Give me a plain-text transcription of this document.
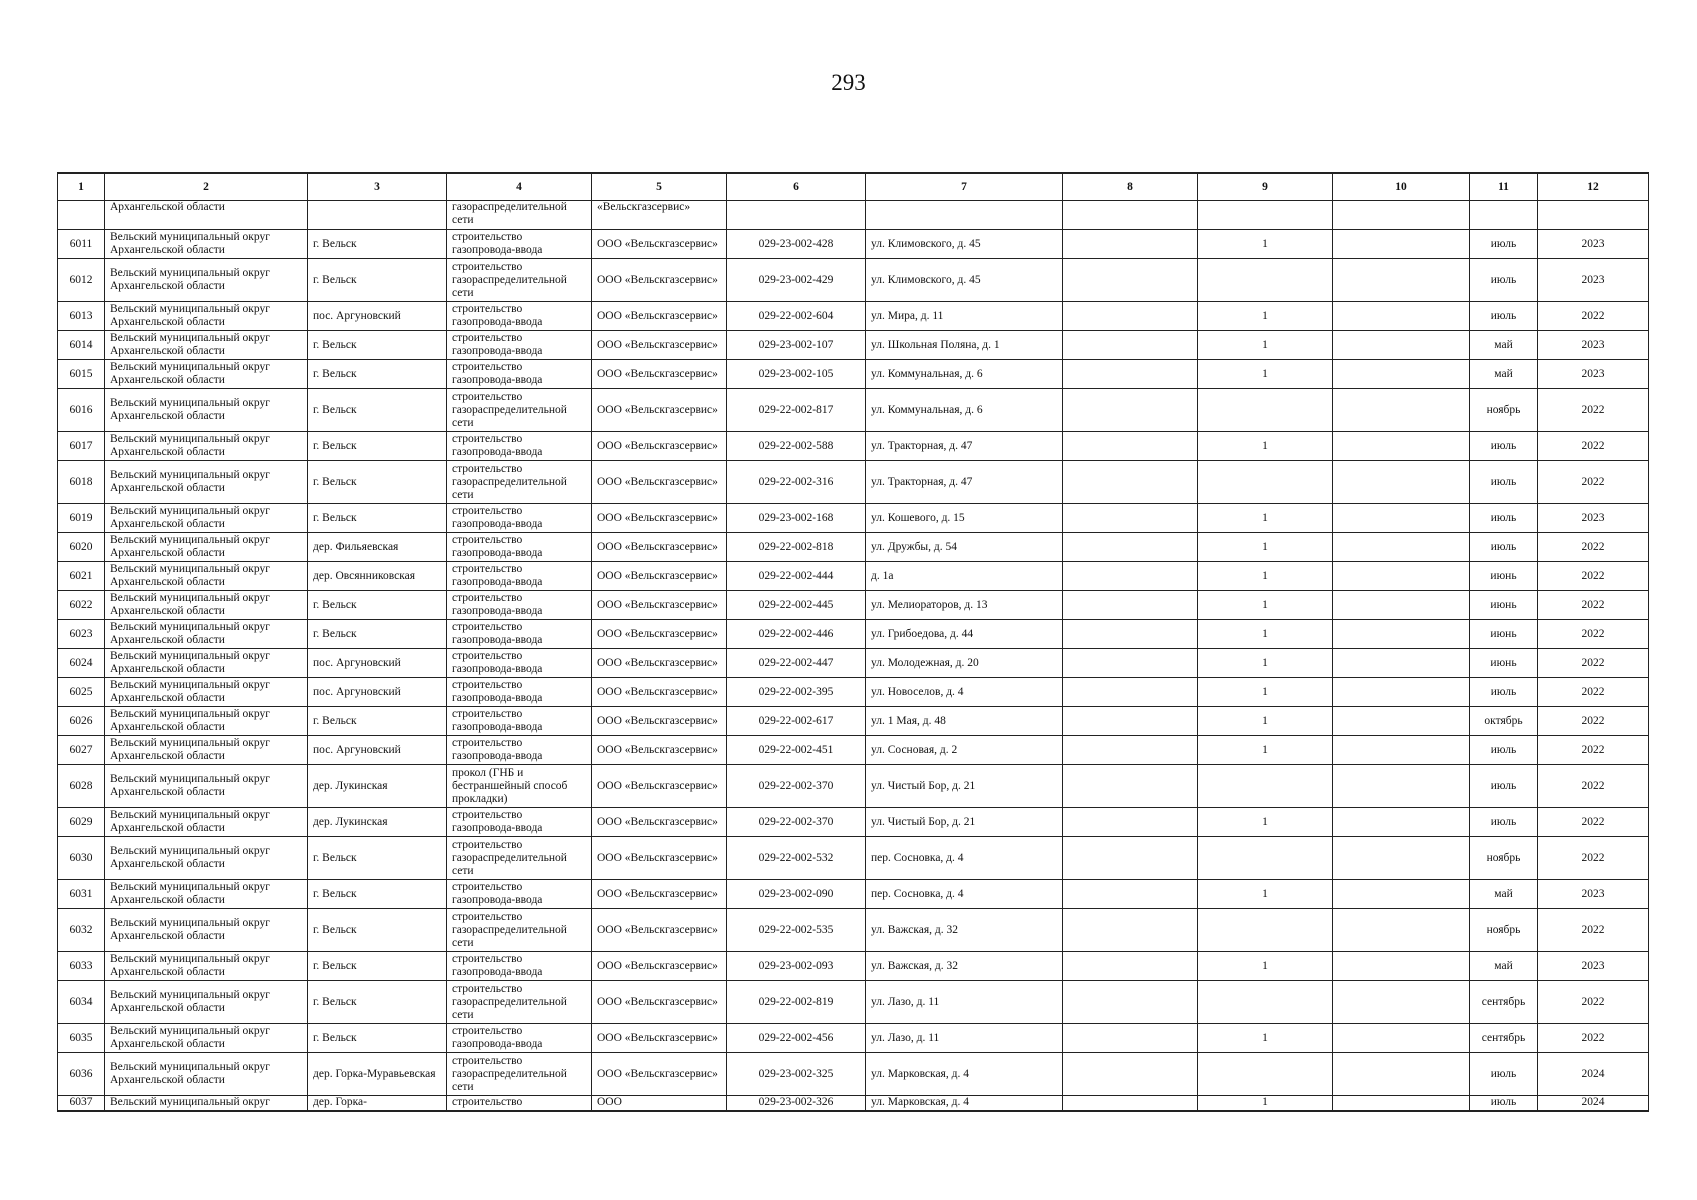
293
1	2	3	4	5	6	7	8	9	10	11	12
	Архангельской области		газораспределительной сети	«Вельскгазсервис»							
6011	Вельский муниципальный округ Архангельской области	г. Вельск	строительство газопровода-ввода	ООО «Вельскгазсервис»	029-23-002-428	ул. Климовского, д. 45		1		июль	2023
6012	Вельский муниципальный округ Архангельской области	г. Вельск	строительство газораспределительной сети	ООО «Вельскгазсервис»	029-23-002-429	ул. Климовского, д. 45				июль	2023
6013	Вельский муниципальный округ Архангельской области	пос. Аргуновский	строительство газопровода-ввода	ООО «Вельскгазсервис»	029-22-002-604	ул. Мира, д. 11		1		июль	2022
6014	Вельский муниципальный округ Архангельской области	г. Вельск	строительство газопровода-ввода	ООО «Вельскгазсервис»	029-23-002-107	ул. Школьная Поляна, д. 1		1		май	2023
6015	Вельский муниципальный округ Архангельской области	г. Вельск	строительство газопровода-ввода	ООО «Вельскгазсервис»	029-23-002-105	ул. Коммунальная, д. 6		1		май	2023
6016	Вельский муниципальный округ Архангельской области	г. Вельск	строительство газораспределительной сети	ООО «Вельскгазсервис»	029-22-002-817	ул. Коммунальная, д. 6				ноябрь	2022
6017	Вельский муниципальный округ Архангельской области	г. Вельск	строительство газопровода-ввода	ООО «Вельскгазсервис»	029-22-002-588	ул. Тракторная, д. 47		1		июль	2022
6018	Вельский муниципальный округ Архангельской области	г. Вельск	строительство газораспределительной сети	ООО «Вельскгазсервис»	029-22-002-316	ул. Тракторная, д. 47				июль	2022
6019	Вельский муниципальный округ Архангельской области	г. Вельск	строительство газопровода-ввода	ООО «Вельскгазсервис»	029-23-002-168	ул. Кошевого, д. 15		1		июль	2023
6020	Вельский муниципальный округ Архангельской области	дер. Фильяевская	строительство газопровода-ввода	ООО «Вельскгазсервис»	029-22-002-818	ул. Дружбы, д. 54		1		июль	2022
6021	Вельский муниципальный округ Архангельской области	дер. Овсянниковская	строительство газопровода-ввода	ООО «Вельскгазсервис»	029-22-002-444	д. 1а		1		июнь	2022
6022	Вельский муниципальный округ Архангельской области	г. Вельск	строительство газопровода-ввода	ООО «Вельскгазсервис»	029-22-002-445	ул. Мелиораторов, д. 13		1		июнь	2022
6023	Вельский муниципальный округ Архангельской области	г. Вельск	строительство газопровода-ввода	ООО «Вельскгазсервис»	029-22-002-446	ул. Грибоедова, д. 44		1		июнь	2022
6024	Вельский муниципальный округ Архангельской области	пос. Аргуновский	строительство газопровода-ввода	ООО «Вельскгазсервис»	029-22-002-447	ул. Молодежная, д. 20		1		июнь	2022
6025	Вельский муниципальный округ Архангельской области	пос. Аргуновский	строительство газопровода-ввода	ООО «Вельскгазсервис»	029-22-002-395	ул. Новоселов, д. 4		1		июль	2022
6026	Вельский муниципальный округ Архангельской области	г. Вельск	строительство газопровода-ввода	ООО «Вельскгазсервис»	029-22-002-617	ул. 1 Мая, д. 48		1		октябрь	2022
6027	Вельский муниципальный округ Архангельской области	пос. Аргуновский	строительство газопровода-ввода	ООО «Вельскгазсервис»	029-22-002-451	ул. Сосновая, д. 2		1		июль	2022
6028	Вельский муниципальный округ Архангельской области	дер. Лукинская	прокол (ГНБ и бестраншейный способ прокладки)	ООО «Вельскгазсервис»	029-22-002-370	ул. Чистый Бор, д. 21				июль	2022
6029	Вельский муниципальный округ Архангельской области	дер. Лукинская	строительство газопровода-ввода	ООО «Вельскгазсервис»	029-22-002-370	ул. Чистый Бор, д. 21		1		июль	2022
6030	Вельский муниципальный округ Архангельской области	г. Вельск	строительство газораспределительной сети	ООО «Вельскгазсервис»	029-22-002-532	пер. Сосновка, д. 4				ноябрь	2022
6031	Вельский муниципальный округ Архангельской области	г. Вельск	строительство газопровода-ввода	ООО «Вельскгазсервис»	029-23-002-090	пер. Сосновка, д. 4		1		май	2023
6032	Вельский муниципальный округ Архангельской области	г. Вельск	строительство газораспределительной сети	ООО «Вельскгазсервис»	029-22-002-535	ул. Важская, д. 32				ноябрь	2022
6033	Вельский муниципальный округ Архангельской области	г. Вельск	строительство газопровода-ввода	ООО «Вельскгазсервис»	029-23-002-093	ул. Важская, д. 32		1		май	2023
6034	Вельский муниципальный округ Архангельской области	г. Вельск	строительство газораспределительной сети	ООО «Вельскгазсервис»	029-22-002-819	ул. Лазо, д. 11				сентябрь	2022
6035	Вельский муниципальный округ Архангельской области	г. Вельск	строительство газопровода-ввода	ООО «Вельскгазсервис»	029-22-002-456	ул. Лазо, д. 11		1		сентябрь	2022
6036	Вельский муниципальный округ Архангельской области	дер. Горка-Муравьевская	строительство газораспределительной сети	ООО «Вельскгазсервис»	029-23-002-325	ул. Марковская, д. 4				июль	2024
6037	Вельский муниципальный округ	дер. Горка-	строительство	ООО	029-23-002-326	ул. Марковская, д. 4		1		июль	2024
